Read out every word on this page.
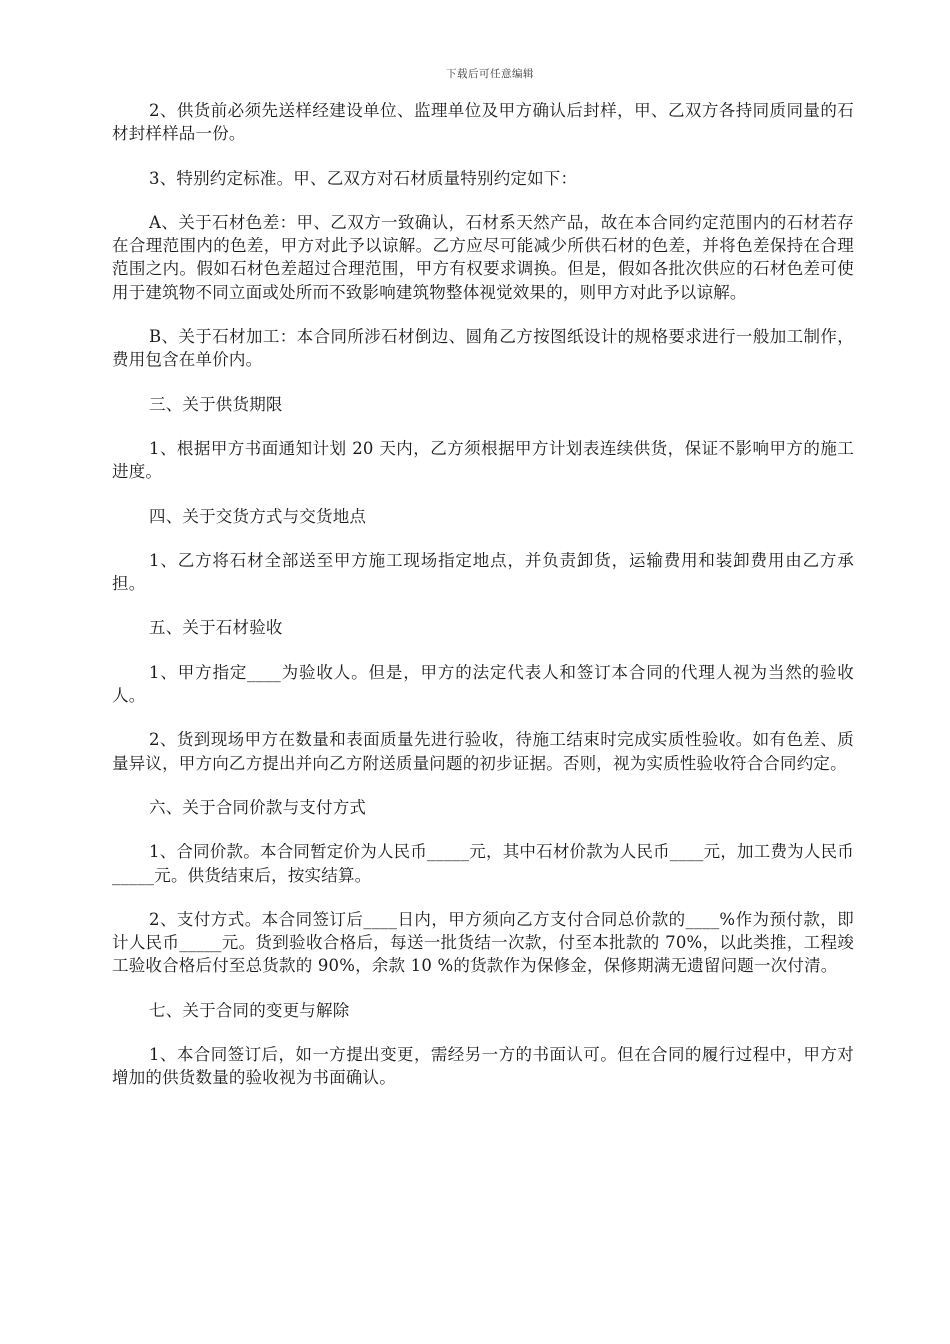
下载后可任意编辑

2、供货前必须先送样经建设单位、监理单位及甲方确认后封样，甲、乙双方各持同质同量的石材封样样品一份。

3、特别约定标准。甲、乙双方对石材质量特别约定如下：

A、关于石材色差：甲、乙双方一致确认，石材系天然产品，故在本合同约定范围内的石材若存在合理范围内的色差，甲方对此予以谅解。乙方应尽可能减少所供石材的色差，并将色差保持在合理范围之内。假如石材色差超过合理范围，甲方有权要求调换。但是，假如各批次供应的石材色差可使用于建筑物不同立面或处所而不致影响建筑物整体视觉效果的，则甲方对此予以谅解。

B、关于石材加工：本合同所涉石材倒边、圆角乙方按图纸设计的规格要求进行一般加工制作，费用包含在单价内。

三、关于供货期限

1、根据甲方书面通知计划 20 天内，乙方须根据甲方计划表连续供货，保证不影响甲方的施工进度。

四、关于交货方式与交货地点

1、乙方将石材全部送至甲方施工现场指定地点，并负责卸货，运输费用和装卸费用由乙方承担。

五、关于石材验收

1、甲方指定____为验收人。但是，甲方的法定代表人和签订本合同的代理人视为当然的验收人。

2、货到现场甲方在数量和表面质量先进行验收，待施工结束时完成实质性验收。如有色差、质量异议，甲方向乙方提出并向乙方附送质量问题的初步证据。否则，视为实质性验收符合合同约定。

六、关于合同价款与支付方式

1、合同价款。本合同暂定价为人民币_____元，其中石材价款为人民币____元，加工费为人民币_____元。供货结束后，按实结算。

2、支付方式。本合同签订后____日内，甲方须向乙方支付合同总价款的____%作为预付款，即计人民币_____元。货到验收合格后，每送一批货结一次款，付至本批款的 70%，以此类推，工程竣工验收合格后付至总货款的 90%，余款 10 %的货款作为保修金，保修期满无遗留问题一次付清。

七、关于合同的变更与解除

1、本合同签订后，如一方提出变更，需经另一方的书面认可。但在合同的履行过程中，甲方对增加的供货数量的验收视为书面确认。
